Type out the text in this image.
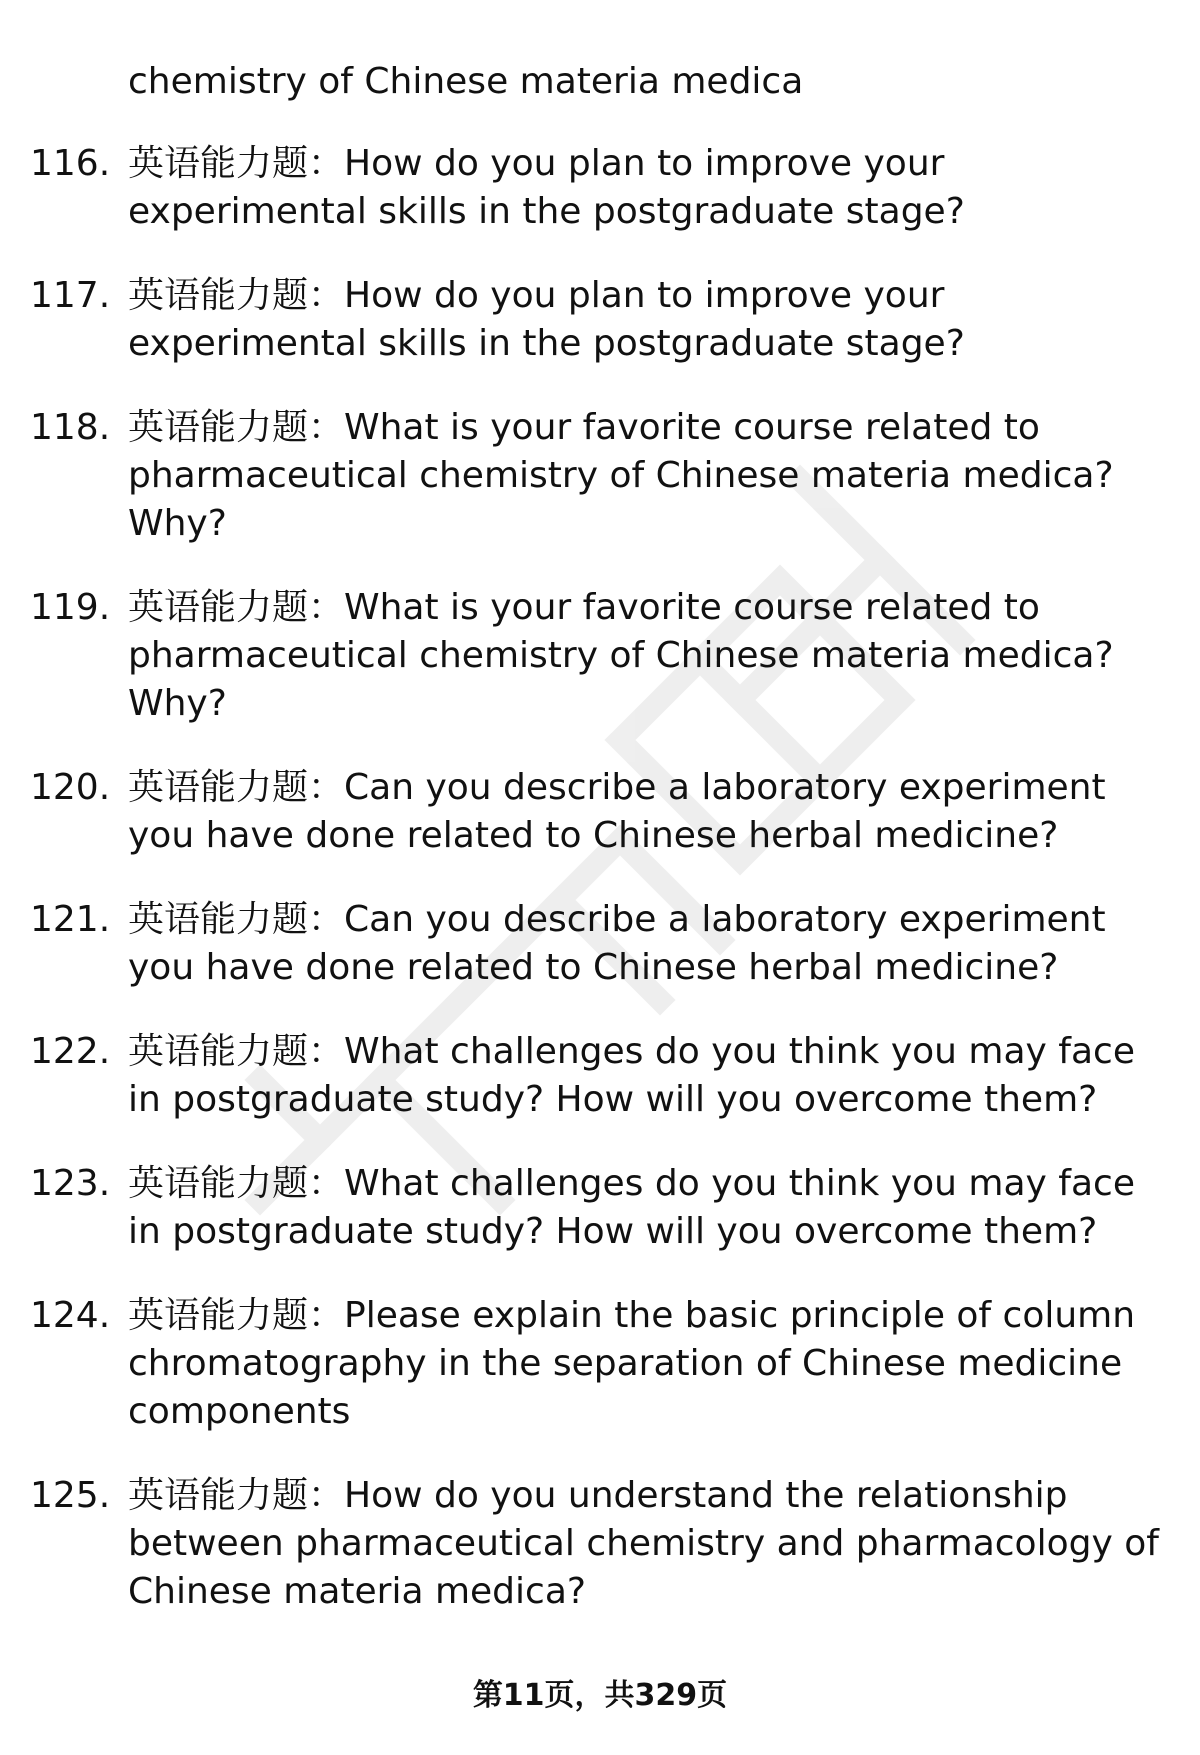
chemistry of Chinese materia medica
116. 英语能力题：How do you plan to improve your experimental skills in the postgraduate stage?
117. 英语能力题：How do you plan to improve your experimental skills in the postgraduate stage?
118. 英语能力题：What is your favorite course related to pharmaceutical chemistry of Chinese materia medica? Why?
119. 英语能力题：What is your favorite course related to pharmaceutical chemistry of Chinese materia medica? Why?
120. 英语能力题：Can you describe a laboratory experiment you have done related to Chinese herbal medicine?
121. 英语能力题：Can you describe a laboratory experiment you have done related to Chinese herbal medicine?
122. 英语能力题：What challenges do you think you may face in postgraduate study? How will you overcome them?
123. 英语能力题：What challenges do you think you may face in postgraduate study? How will you overcome them?
124. 英语能力题：Please explain the basic principle of column chromatography in the separation of Chinese medicine components
125. 英语能力题：How do you understand the relationship between pharmaceutical chemistry and pharmacology of Chinese materia medica?
第11页，共329页
